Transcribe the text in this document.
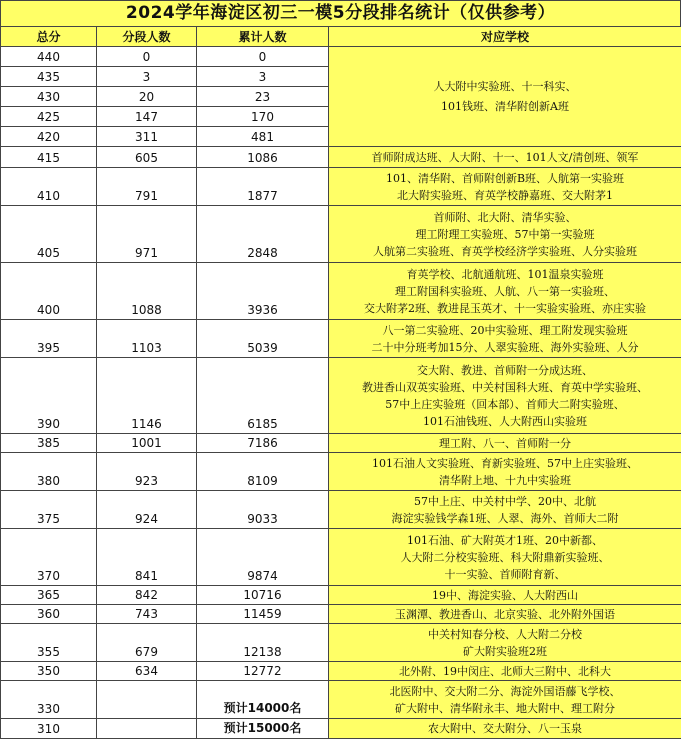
2024学年海淀区初三一模5分段排名统计（仅供参考）
总分	分段人数	累计人数	对应学校
440	0	0	人大附中实验班、十一科实、
101钱班、清华附创新A班

435	3	3	
430	20	23	
425	147	170	
420	311	481	
415	605	1086	首师附成达班、人大附、十一、101人文/清创班、领军

410	791	1877	101、清华附、首师附创新B班、人航第一实验班
北大附实验班、育英学校静嘉班、交大附茅1

405	971	2848	首师附、北大附、清华实验、
理工附理工实验班、57中第一实验班
人航第二实验班、育英学校经济学实验班、人分实验班

400	1088	3936	育英学校、北航通航班、101温泉实验班
理工附国科实验班、人航、八一第一实验班、
交大附茅2班、教进昆玉英才、十一实验实验班、亦庄实验

395	1103	5039	八一第二实验班、20中实验班、理工附发现实验班
二十中分班考加15分、人翠实验班、海外实验班、人分

390	1146	6185	交大附、教进、首师附一分成达班、
教进香山双英实验班、中关村国科大班、育英中学实验班、
57中上庄实验班（回本部）、首师大二附实验班、
101石油钱班、人大附西山实验班

385	1001	7186	理工附、八一、首师附一分

380	923	8109	101石油人文实验班、育新实验班、57中上庄实验班、
清华附上地、十九中实验班

375	924	9033	57中上庄、中关村中学、20中、北航
海淀实验钱学森1班、人翠、海外、首师大二附

370	841	9874	101石油、矿大附英才1班、20中新都、
人大附二分校实验班、科大附鼎新实验班、
十一实验、首师附育新、

365	842	10716	19中、海淀实验、人大附西山

360	743	11459	玉渊潭、教进香山、北京实验、北外附外国语

355	679	12138	中关村知春分校、人大附二分校
矿大附实验班2班

350	634	12772	北外附、19中闵庄、北师大三附中、北科大

330		预计14000名	北医附中、交大附二分、海淀外国语藤飞学校、
矿大附中、清华附永丰、地大附中、理工附分

310		预计15000名	农大附中、交大附分、八一玉泉
